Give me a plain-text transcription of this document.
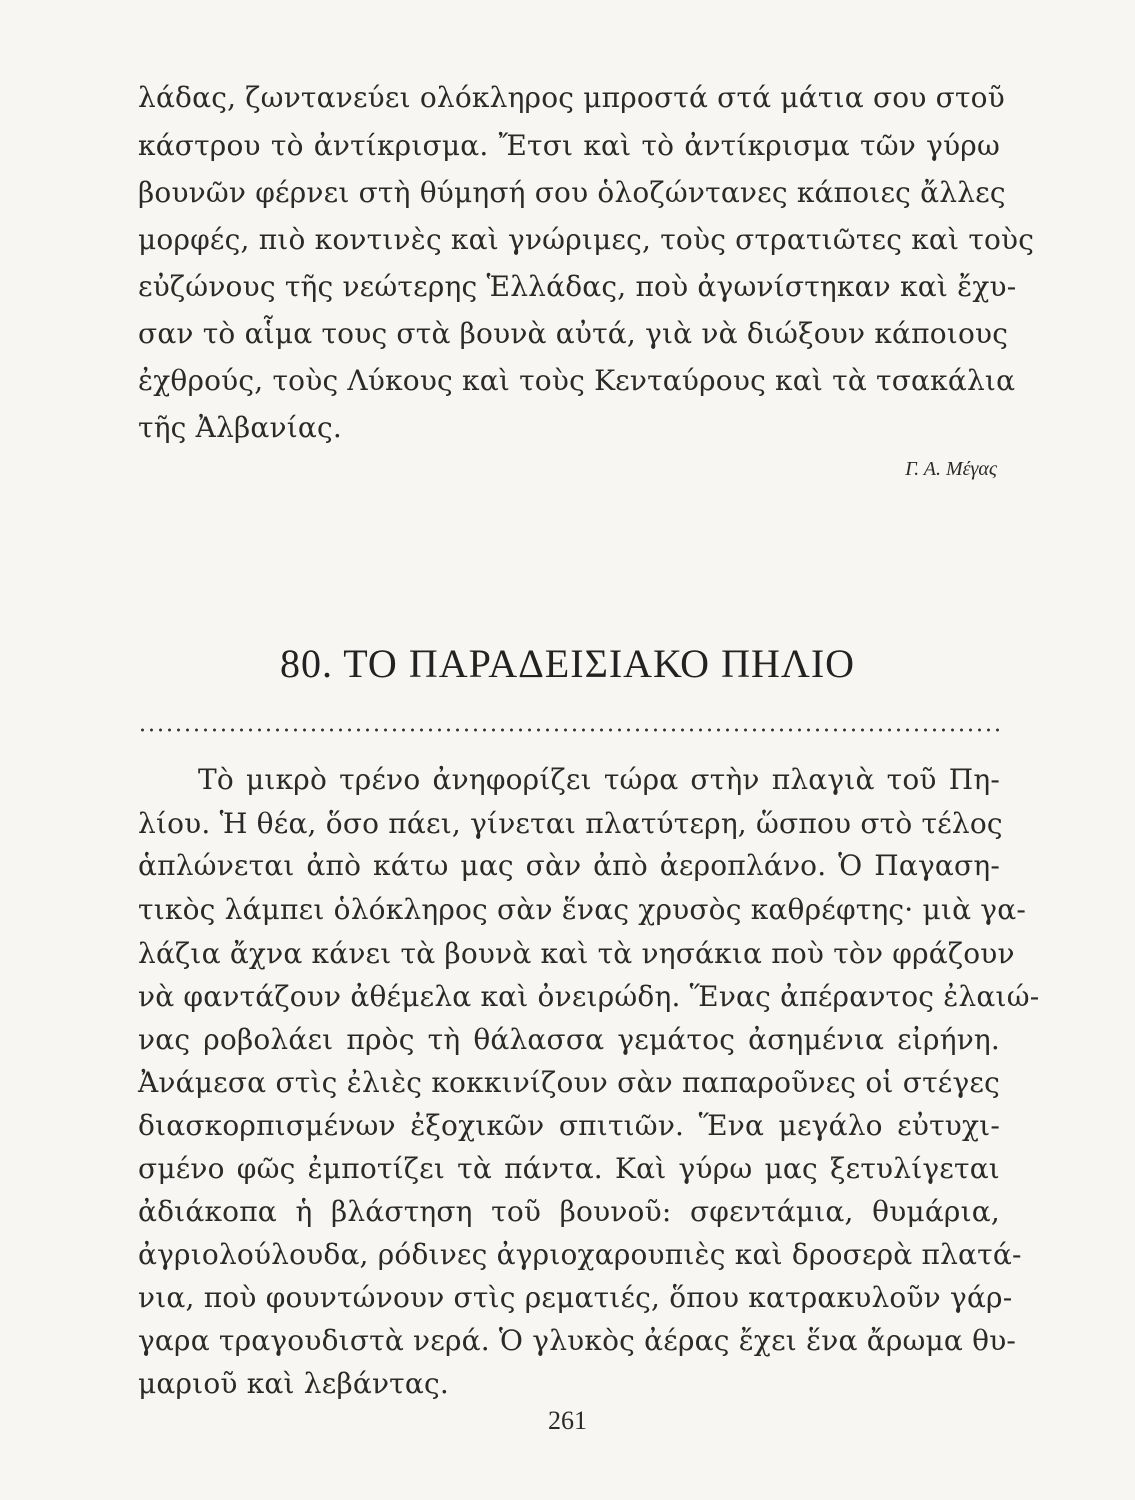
λάδας, ζωντανεύει ολόκληρος μπροστά στά μάτια σου στοῦ
κάστρου τὸ ἀντίκρισμα. Ἔτσι καὶ τὸ ἀντίκρισμα τῶν γύρω
βουνῶν φέρνει στὴ θύμησή σου ὁλοζώντανες κάποιες ἄλλες
μορφές, πιὸ κοντινὲς καὶ γνώριμες, τοὺς στρατιῶτες καὶ τοὺς
εὐζώνους τῆς νεώτερης Ἑλλάδας, ποὺ ἀγωνίστηκαν καὶ ἔχυ-
σαν τὸ αἷμα τους στὰ βουνὰ αὐτά, γιὰ νὰ διώξουν κάποιους
ἐχθρούς, τοὺς Λύκους καὶ τοὺς Κενταύρους καὶ τὰ τσακάλια
τῆς Ἀλβανίας.
Γ. Α. Μέγας
80. ΤΟ ΠΑΡΑΔΕΙΣΙΑΚΟ ΠΗΛΙΟ
Τὸ μικρὸ τρένο ἀνηφορίζει τώρα στὴν πλαγιὰ τοῦ Πη-
λίου. Ἡ θέα, ὅσο πάει, γίνεται πλατύτερη, ὥσπου στὸ τέλος
ἁπλώνεται ἀπὸ κάτω μας σὰν ἀπὸ ἀεροπλάνο. Ὁ Παγαση-
τικὸς λάμπει ὁλόκληρος σὰν ἕνας χρυσὸς καθρέφτης· μιὰ γα-
λάζια ἄχνα κάνει τὰ βουνὰ καὶ τὰ νησάκια ποὺ τὸν φράζουν
νὰ φαντάζουν ἀθέμελα καὶ ὀνειρώδη. Ἕνας ἀπέραντος ἐλαιώ-
νας ροβολάει πρὸς τὴ θάλασσα γεμάτος ἀσημένια εἰρήνη.
Ἀνάμεσα στὶς ἐλιὲς κοκκινίζουν σὰν παπαροῦνες οἱ στέγες
διασκορπισμένων ἐξοχικῶν σπιτιῶν. Ἕνα μεγάλο εὐτυχι-
σμένο φῶς ἐμποτίζει τὰ πάντα. Καὶ γύρω μας ξετυλίγεται
ἀδιάκοπα ἡ βλάστηση τοῦ βουνοῦ: σφεντάμια, θυμάρια,
ἀγριολούλουδα, ρόδινες ἀγριοχαρουπιὲς καὶ δροσερὰ πλατά-
νια, ποὺ φουντώνουν στὶς ρεματιές, ὅπου κατρακυλοῦν γάρ-
γαρα τραγουδιστὰ νερά. Ὁ γλυκὸς ἀέρας ἔχει ἕνα ἄρωμα θυ-
μαριοῦ καὶ λεβάντας.
261
